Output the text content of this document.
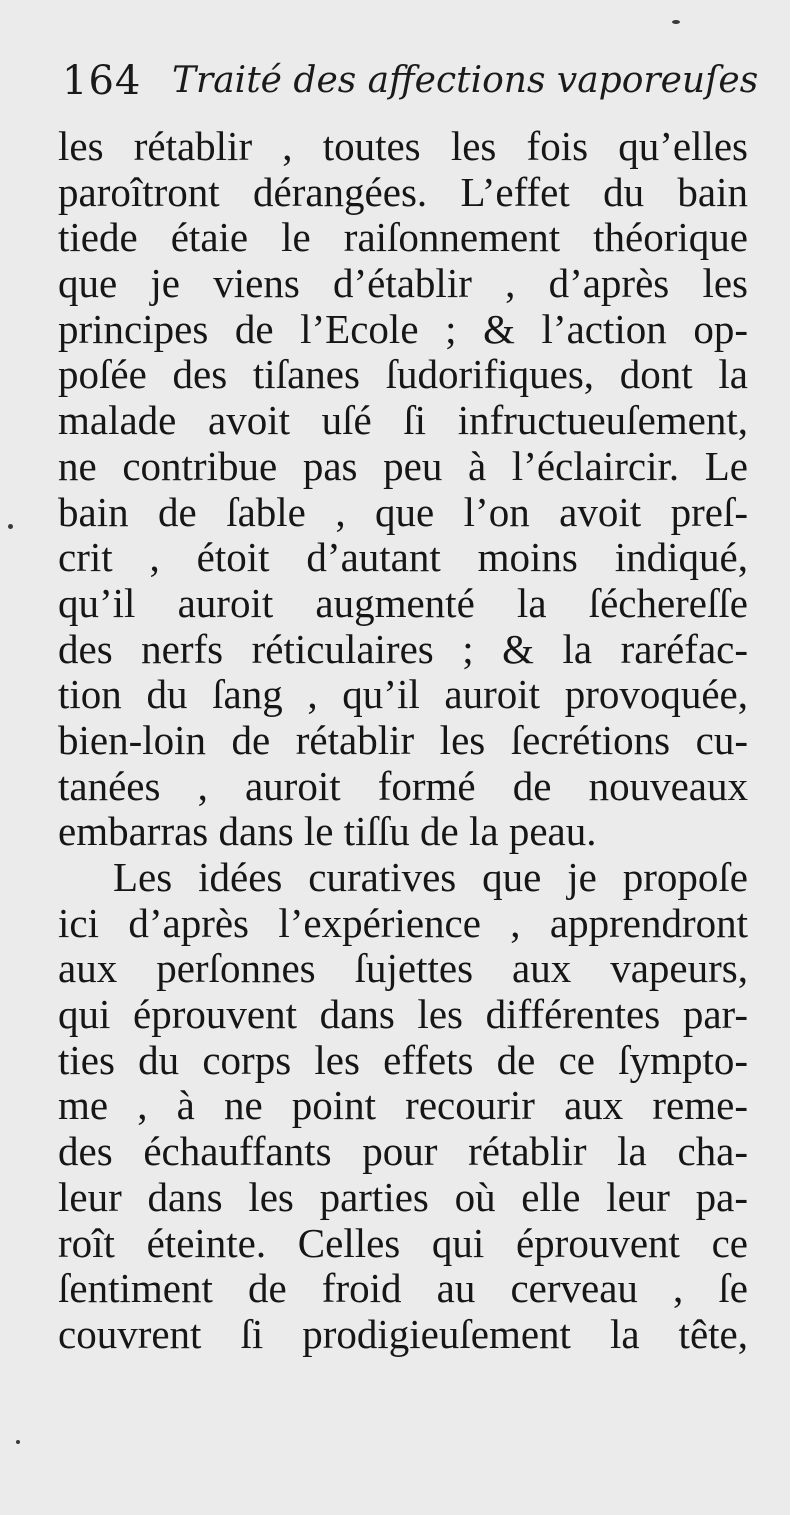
164 Traité des affections vaporeuſes
les rétablir , toutes les fois qu’elles
paroîtront dérangées. L’effet du bain
tiede étaie le raiſonnement théorique
que je viens d’établir , d’après les
principes de l’Ecole ; & l’action op-
poſée des tiſanes ſudorifiques, dont la
malade avoit uſé ſi infructueuſement,
ne contribue pas peu à l’éclaircir. Le
bain de ſable , que l’on avoit preſ-
crit , étoit d’autant moins indiqué,
qu’il auroit augmenté la ſéchereſſe
des nerfs réticulaires ; & la raréfac-
tion du ſang , qu’il auroit provoquée,
bien-loin de rétablir les ſecrétions cu-
tanées , auroit formé de nouveaux
embarras dans le tiſſu de la peau.
Les idées curatives que je propoſe
ici d’après l’expérience , apprendront
aux perſonnes ſujettes aux vapeurs,
qui éprouvent dans les différentes par-
ties du corps les effets de ce ſympto-
me , à ne point recourir aux reme-
des échauffants pour rétablir la cha-
leur dans les parties où elle leur pa-
roît éteinte. Celles qui éprouvent ce
ſentiment de froid au cerveau , ſe
couvrent ſi prodigieuſement la tête,
